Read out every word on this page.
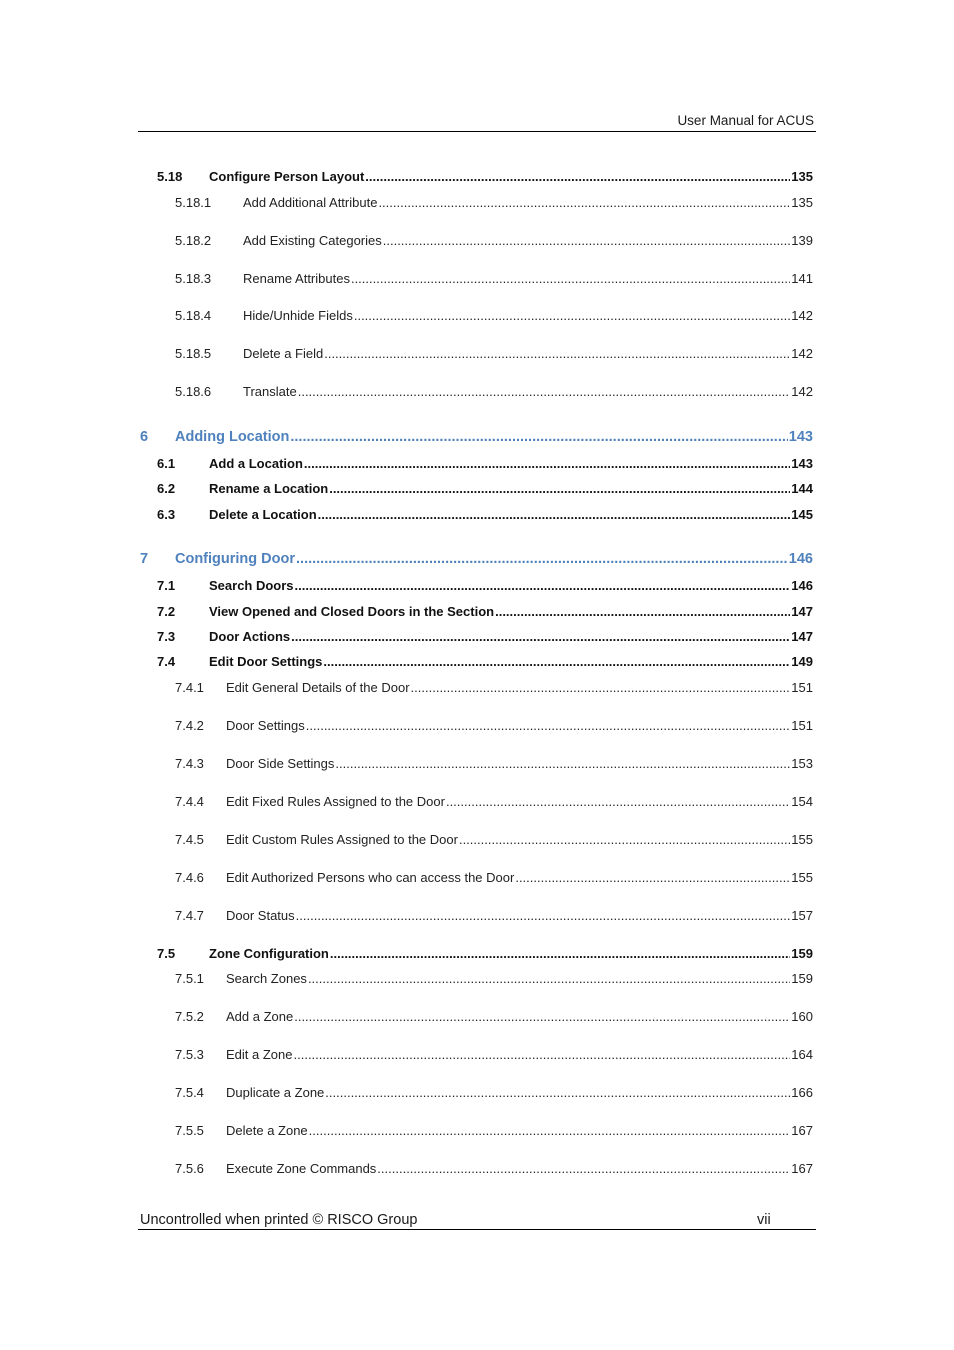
User Manual for ACUS
5.18	Configure Person Layout .....	135
5.18.1	Add Additional Attribute .....	135
5.18.2	Add Existing Categories .....	139
5.18.3	Rename Attributes .....	141
5.18.4	Hide/Unhide Fields .....	142
5.18.5	Delete a Field .....	142
5.18.6	Translate .....	142
6	Adding Location .....	143
6.1	Add a Location .....	143
6.2	Rename a Location .....	144
6.3	Delete a Location .....	145
7	Configuring Door .....	146
7.1	Search Doors .....	146
7.2	View Opened and Closed Doors in the Section .....	147
7.3	Door Actions .....	147
7.4	Edit Door Settings .....	149
7.4.1	Edit General Details of the Door .....	151
7.4.2	Door Settings .....	151
7.4.3	Door Side Settings .....	153
7.4.4	Edit Fixed Rules Assigned to the Door .....	154
7.4.5	Edit Custom Rules Assigned to the Door .....	155
7.4.6	Edit Authorized Persons who can access the Door .....	155
7.4.7	Door Status .....	157
7.5	Zone Configuration .....	159
7.5.1	Search Zones .....	159
7.5.2	Add a Zone .....	160
7.5.3	Edit a Zone .....	164
7.5.4	Duplicate a Zone .....	166
7.5.5	Delete a Zone .....	167
7.5.6	Execute Zone Commands .....	167
Uncontrolled when printed © RISCO Group	vii
